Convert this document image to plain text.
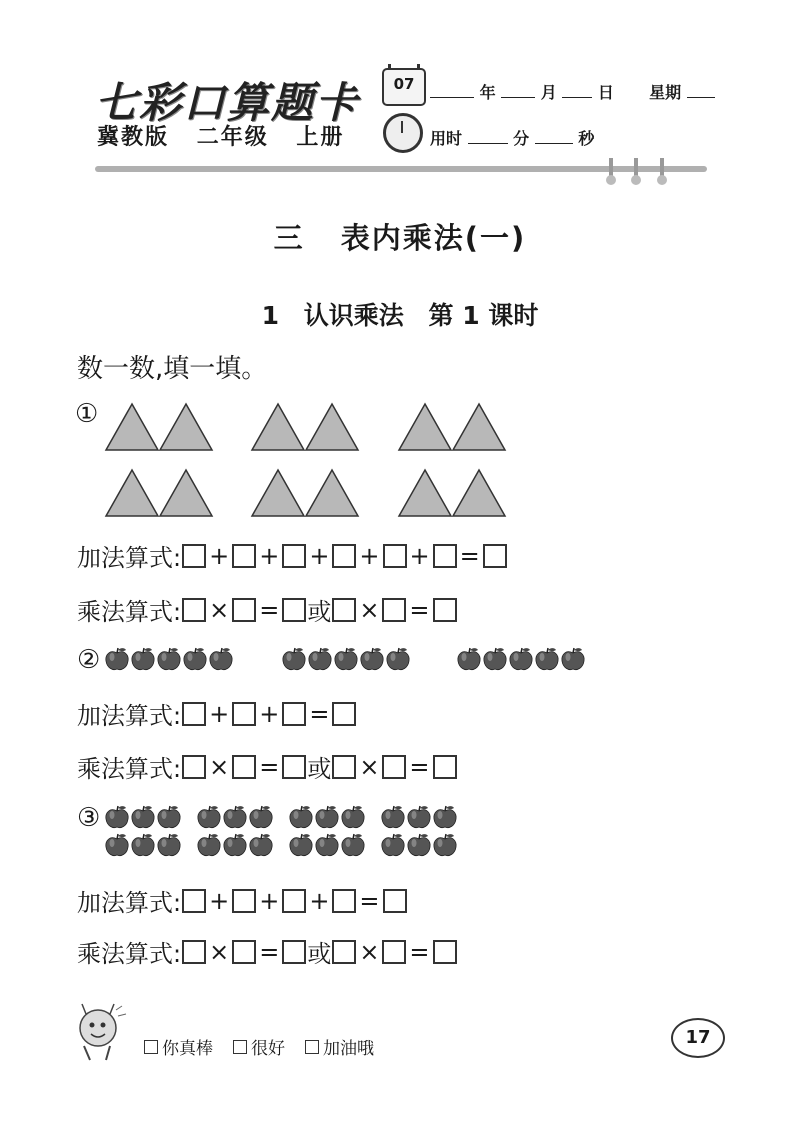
七彩口算题卡
冀教版 二年级 上册
07	年	月	日 星期
用时	分	秒
三 表内乘法(一)
1 认识乘法 第 1 课时
数一数,填一填。
①
加法算式: + + + + + =
乘法算式: × = 或 × =
②
加法算式: + + =
乘法算式: × = 或 × =
③
加法算式: + + + =
乘法算式: × = 或 × =
你真棒 很好 加油哦
17
